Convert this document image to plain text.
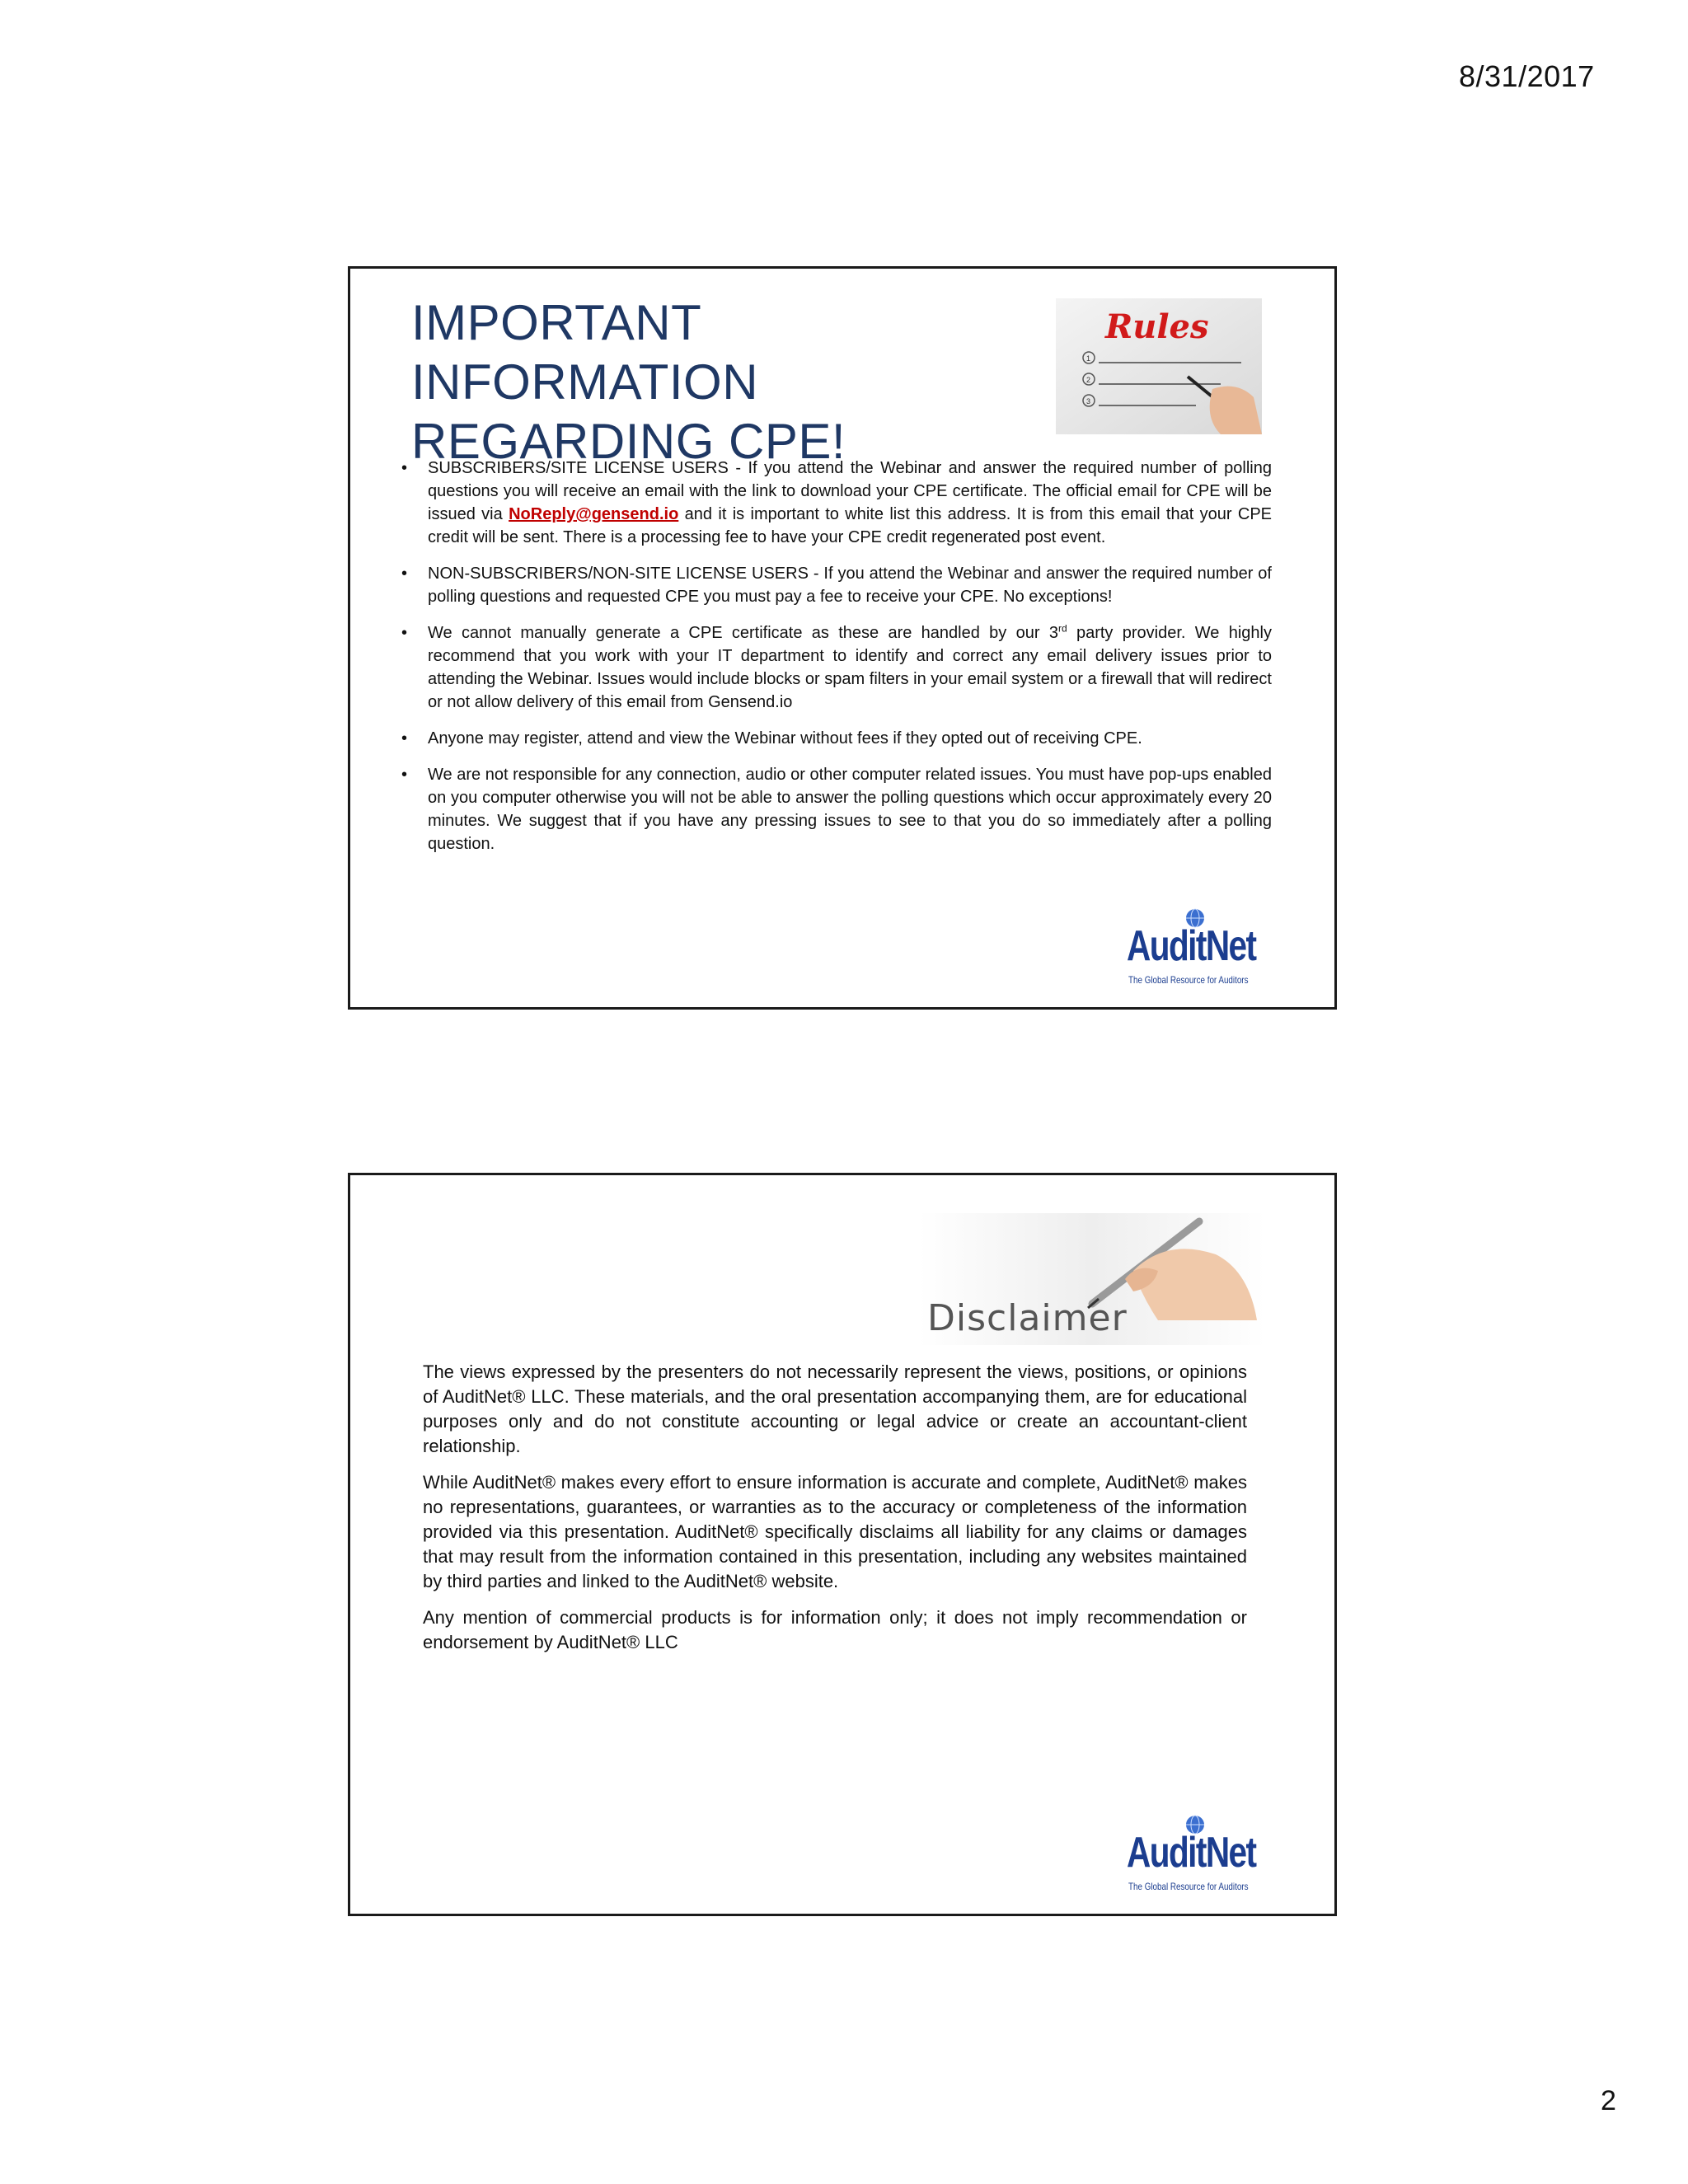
8/31/2017
IMPORTANT INFORMATION REGARDING CPE!
Rules
1
2
3
• SUBSCRIBERS/SITE LICENSE USERS - If you attend the Webinar and answer the required number of polling questions you will receive an email with the link to download your CPE certificate. The official email for CPE will be issued via NoReply@gensend.io and it is important to white list this address. It is from this email that your CPE credit will be sent. There is a processing fee to have your CPE credit regenerated post event.
• NON-SUBSCRIBERS/NON-SITE LICENSE USERS - If you attend the Webinar and answer the required number of polling questions and requested CPE you must pay a fee to receive your CPE. No exceptions!
• We cannot manually generate a CPE certificate as these are handled by our 3rd party provider. We highly recommend that you work with your IT department to identify and correct any email delivery issues prior to attending the Webinar. Issues would include blocks or spam filters in your email system or a firewall that will redirect or not allow delivery of this email from Gensend.io
• Anyone may register, attend and view the Webinar without fees if they opted out of receiving CPE.
• We are not responsible for any connection, audio or other computer related issues. You must have pop-ups enabled on you computer otherwise you will not be able to answer the polling questions which occur approximately every 20 minutes. We suggest that if you have any pressing issues to see to that you do so immediately after a polling question.
AuditNet
The Global Resource for Auditors
Disclaimer

The views expressed by the presenters do not necessarily represent the views, positions, or opinions of AuditNet® LLC. These materials, and the oral presentation accompanying them, are for educational purposes only and do not constitute accounting or legal advice or create an accountant-client relationship.

While AuditNet® makes every effort to ensure information is accurate and complete, AuditNet® makes no representations, guarantees, or warranties as to the accuracy or completeness of the information provided via this presentation. AuditNet® specifically disclaims all liability for any claims or damages that may result from the information contained in this presentation, including any websites maintained by third parties and linked to the AuditNet® website.

Any mention of commercial products is for information only; it does not imply recommendation or endorsement by AuditNet® LLC

AuditNet
The Global Resource for Auditors
2
